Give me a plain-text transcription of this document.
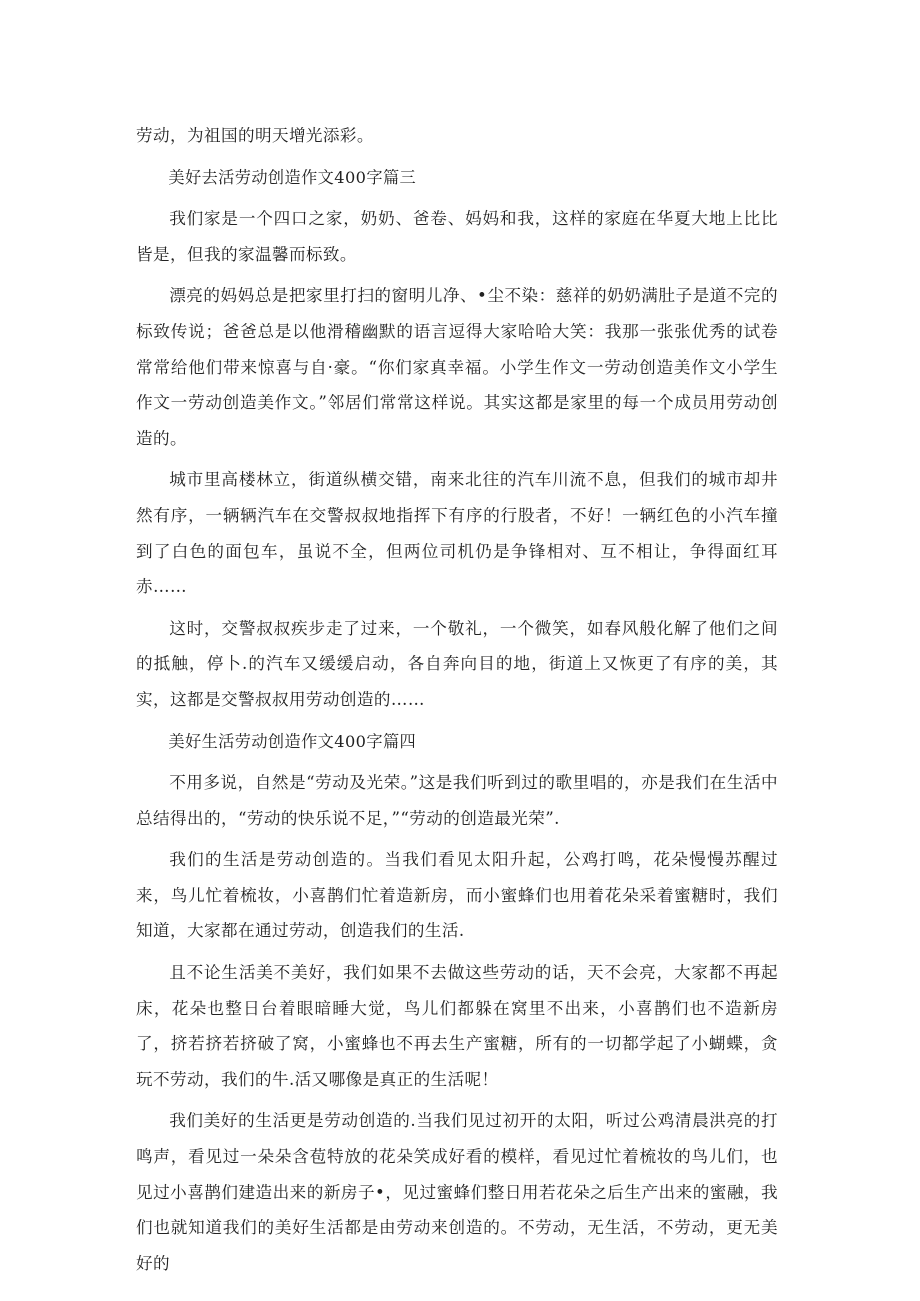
劳动，为祖国的明天增光添彩。

美好去活劳动创造作文400字篇三

我们家是一个四口之家，奶奶、爸卷、妈妈和我，这样的家庭在华夏大地上比比皆是，但我的家温馨而标致。

漂亮的妈妈总是把家里打扫的窗明儿净、•尘不染：慈祥的奶奶满肚子是道不完的标致传说；爸爸总是以他滑稽幽默的语言逗得大家哈哈大笑：我那一张张优秀的试卷常常给他们带来惊喜与自·豪。“你们家真幸福。小学生作文一劳动创造美作文小学生作文一劳动创造美作文。”邻居们常常这样说。其实这都是家里的每一个成员用劳动创造的。

城市里高楼林立，街道纵横交错，南来北往的汽车川流不息，但我们的城市却井然有序，一辆辆汽车在交警叔叔地指挥下有序的行股者，不好！一辆红色的小汽车撞到了白色的面包车，虽说不全，但两位司机仍是争锋相对、互不相让，争得面红耳赤……

这时，交警叔叔疾步走了过来，一个敬礼，一个微笑，如春风般化解了他们之间的抵触，停卜.的汽车又缓缓启动，各自奔向目的地，街道上又恢更了有序的美，其实，这都是交警叔叔用劳动创造的……

美好生活劳动创造作文400字篇四

不用多说，自然是“劳动及光荣。”这是我们听到过的歌里唱的，亦是我们在生活中总结得出的，“劳动的快乐说不足，”“劳动的创造最光荣”.

我们的生活是劳动创造的。当我们看见太阳升起，公鸡打鸣，花朵慢慢苏醒过来，鸟儿忙着梳妆，小喜鹊们忙着造新房，而小蜜蜂们也用着花朵采着蜜糖时，我们知道，大家都在通过劳动，创造我们的生活.

且不论生活美不美好，我们如果不去做这些劳动的话，天不会亮，大家都不再起床，花朵也整日台着眼暗睡大觉，鸟儿们都躲在窝里不出来，小喜鹊们也不造新房了，挤若挤若挤破了窝，小蜜蜂也不再去生产蜜糖，所有的一切都学起了小蝴蝶，贪玩不劳动，我们的牛.活又哪像是真正的生活呢！

我们美好的生活更是劳动创造的.当我们见过初开的太阳，听过公鸡清晨洪亮的打鸣声，看见过一朵朵含苞特放的花朵笑成好看的模样，看见过忙着梳妆的鸟儿们，也见过小喜鹊们建造出来的新房子•，见过蜜蜂们整日用若花朵之后生产出来的蜜融，我们也就知道我们的美好生活都是由劳动来创造的。不劳动，无生活，不劳动，更无美好的
